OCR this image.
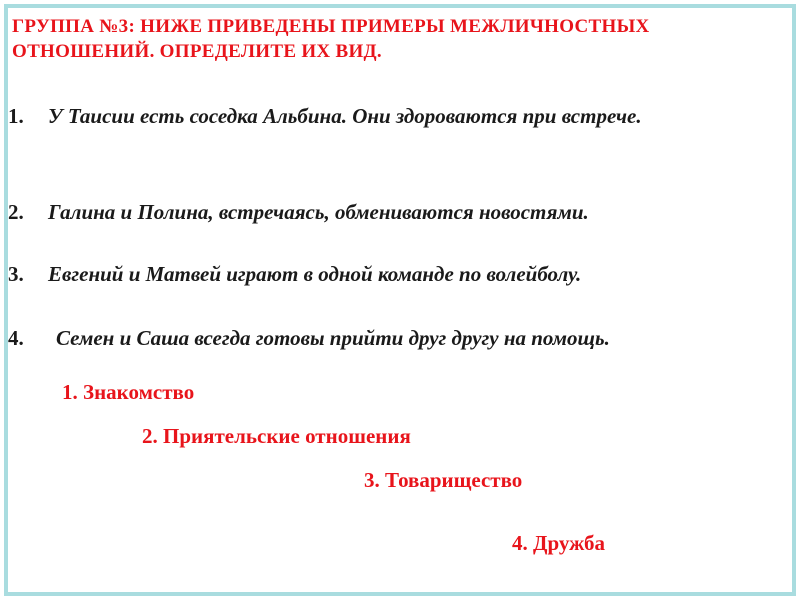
ГРУППА №3: НИЖЕ ПРИВЕДЕНЫ ПРИМЕРЫ МЕЖЛИЧНОСТНЫХ ОТНОШЕНИЙ. ОПРЕДЕЛИТЕ ИХ ВИД.
1.	У Таисии есть соседка Альбина. Они здороваются при встрече.
2.	Галина и Полина, встречаясь, обмениваются новостями.
3.	Евгений и Матвей играют в одной команде по волейболу.
4.	Семен и Саша всегда готовы прийти друг другу на помощь.
1. Знакомство
2. Приятельские отношения
3. Товарищество
4. Дружба
